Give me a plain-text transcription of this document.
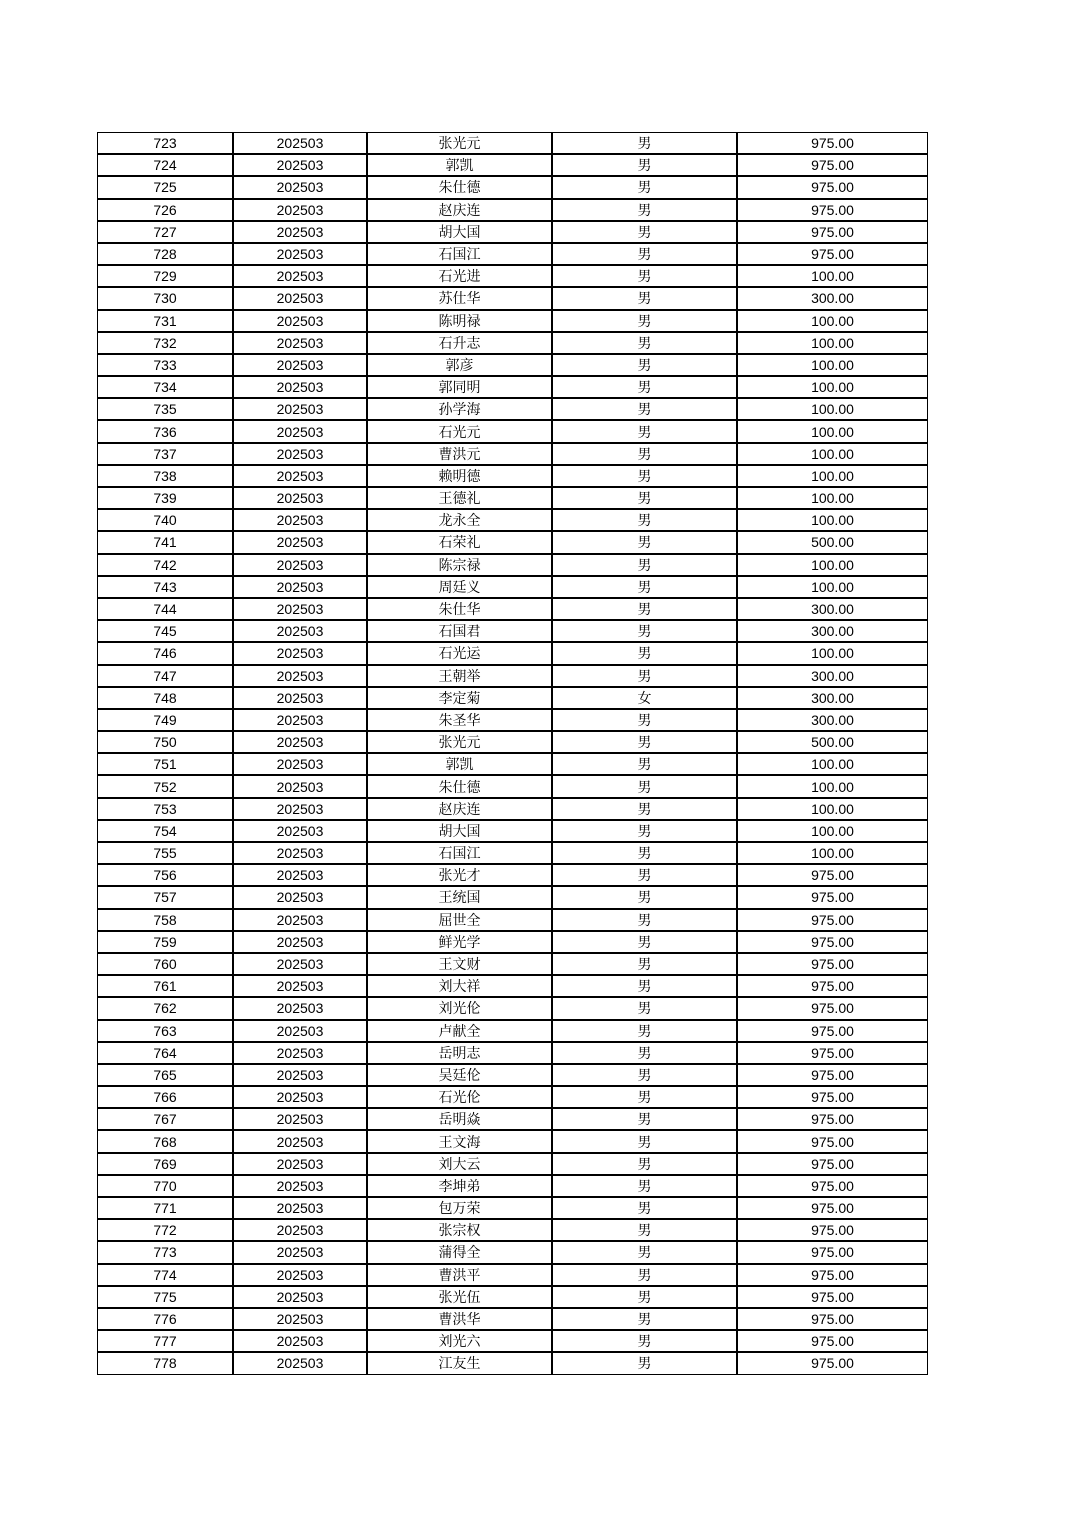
723	202503	张光元	男	975.00
724	202503	郭凯	男	975.00
725	202503	朱仕德	男	975.00
726	202503	赵庆连	男	975.00
727	202503	胡大国	男	975.00
728	202503	石国江	男	975.00
729	202503	石光进	男	100.00
730	202503	苏仕华	男	300.00
731	202503	陈明禄	男	100.00
732	202503	石升志	男	100.00
733	202503	郭彦	男	100.00
734	202503	郭同明	男	100.00
735	202503	孙学海	男	100.00
736	202503	石光元	男	100.00
737	202503	曹洪元	男	100.00
738	202503	赖明德	男	100.00
739	202503	王德礼	男	100.00
740	202503	龙永全	男	100.00
741	202503	石荣礼	男	500.00
742	202503	陈宗禄	男	100.00
743	202503	周廷义	男	100.00
744	202503	朱仕华	男	300.00
745	202503	石国君	男	300.00
746	202503	石光运	男	100.00
747	202503	王朝举	男	300.00
748	202503	李定菊	女	300.00
749	202503	朱圣华	男	300.00
750	202503	张光元	男	500.00
751	202503	郭凯	男	100.00
752	202503	朱仕德	男	100.00
753	202503	赵庆连	男	100.00
754	202503	胡大国	男	100.00
755	202503	石国江	男	100.00
756	202503	张光才	男	975.00
757	202503	王统国	男	975.00
758	202503	屈世全	男	975.00
759	202503	鲜光学	男	975.00
760	202503	王文财	男	975.00
761	202503	刘大祥	男	975.00
762	202503	刘光伦	男	975.00
763	202503	卢献全	男	975.00
764	202503	岳明志	男	975.00
765	202503	吴廷伦	男	975.00
766	202503	石光伦	男	975.00
767	202503	岳明焱	男	975.00
768	202503	王文海	男	975.00
769	202503	刘大云	男	975.00
770	202503	李坤弟	男	975.00
771	202503	包万荣	男	975.00
772	202503	张宗权	男	975.00
773	202503	蒲得全	男	975.00
774	202503	曹洪平	男	975.00
775	202503	张光伍	男	975.00
776	202503	曹洪华	男	975.00
777	202503	刘光六	男	975.00
778	202503	江友生	男	975.00
